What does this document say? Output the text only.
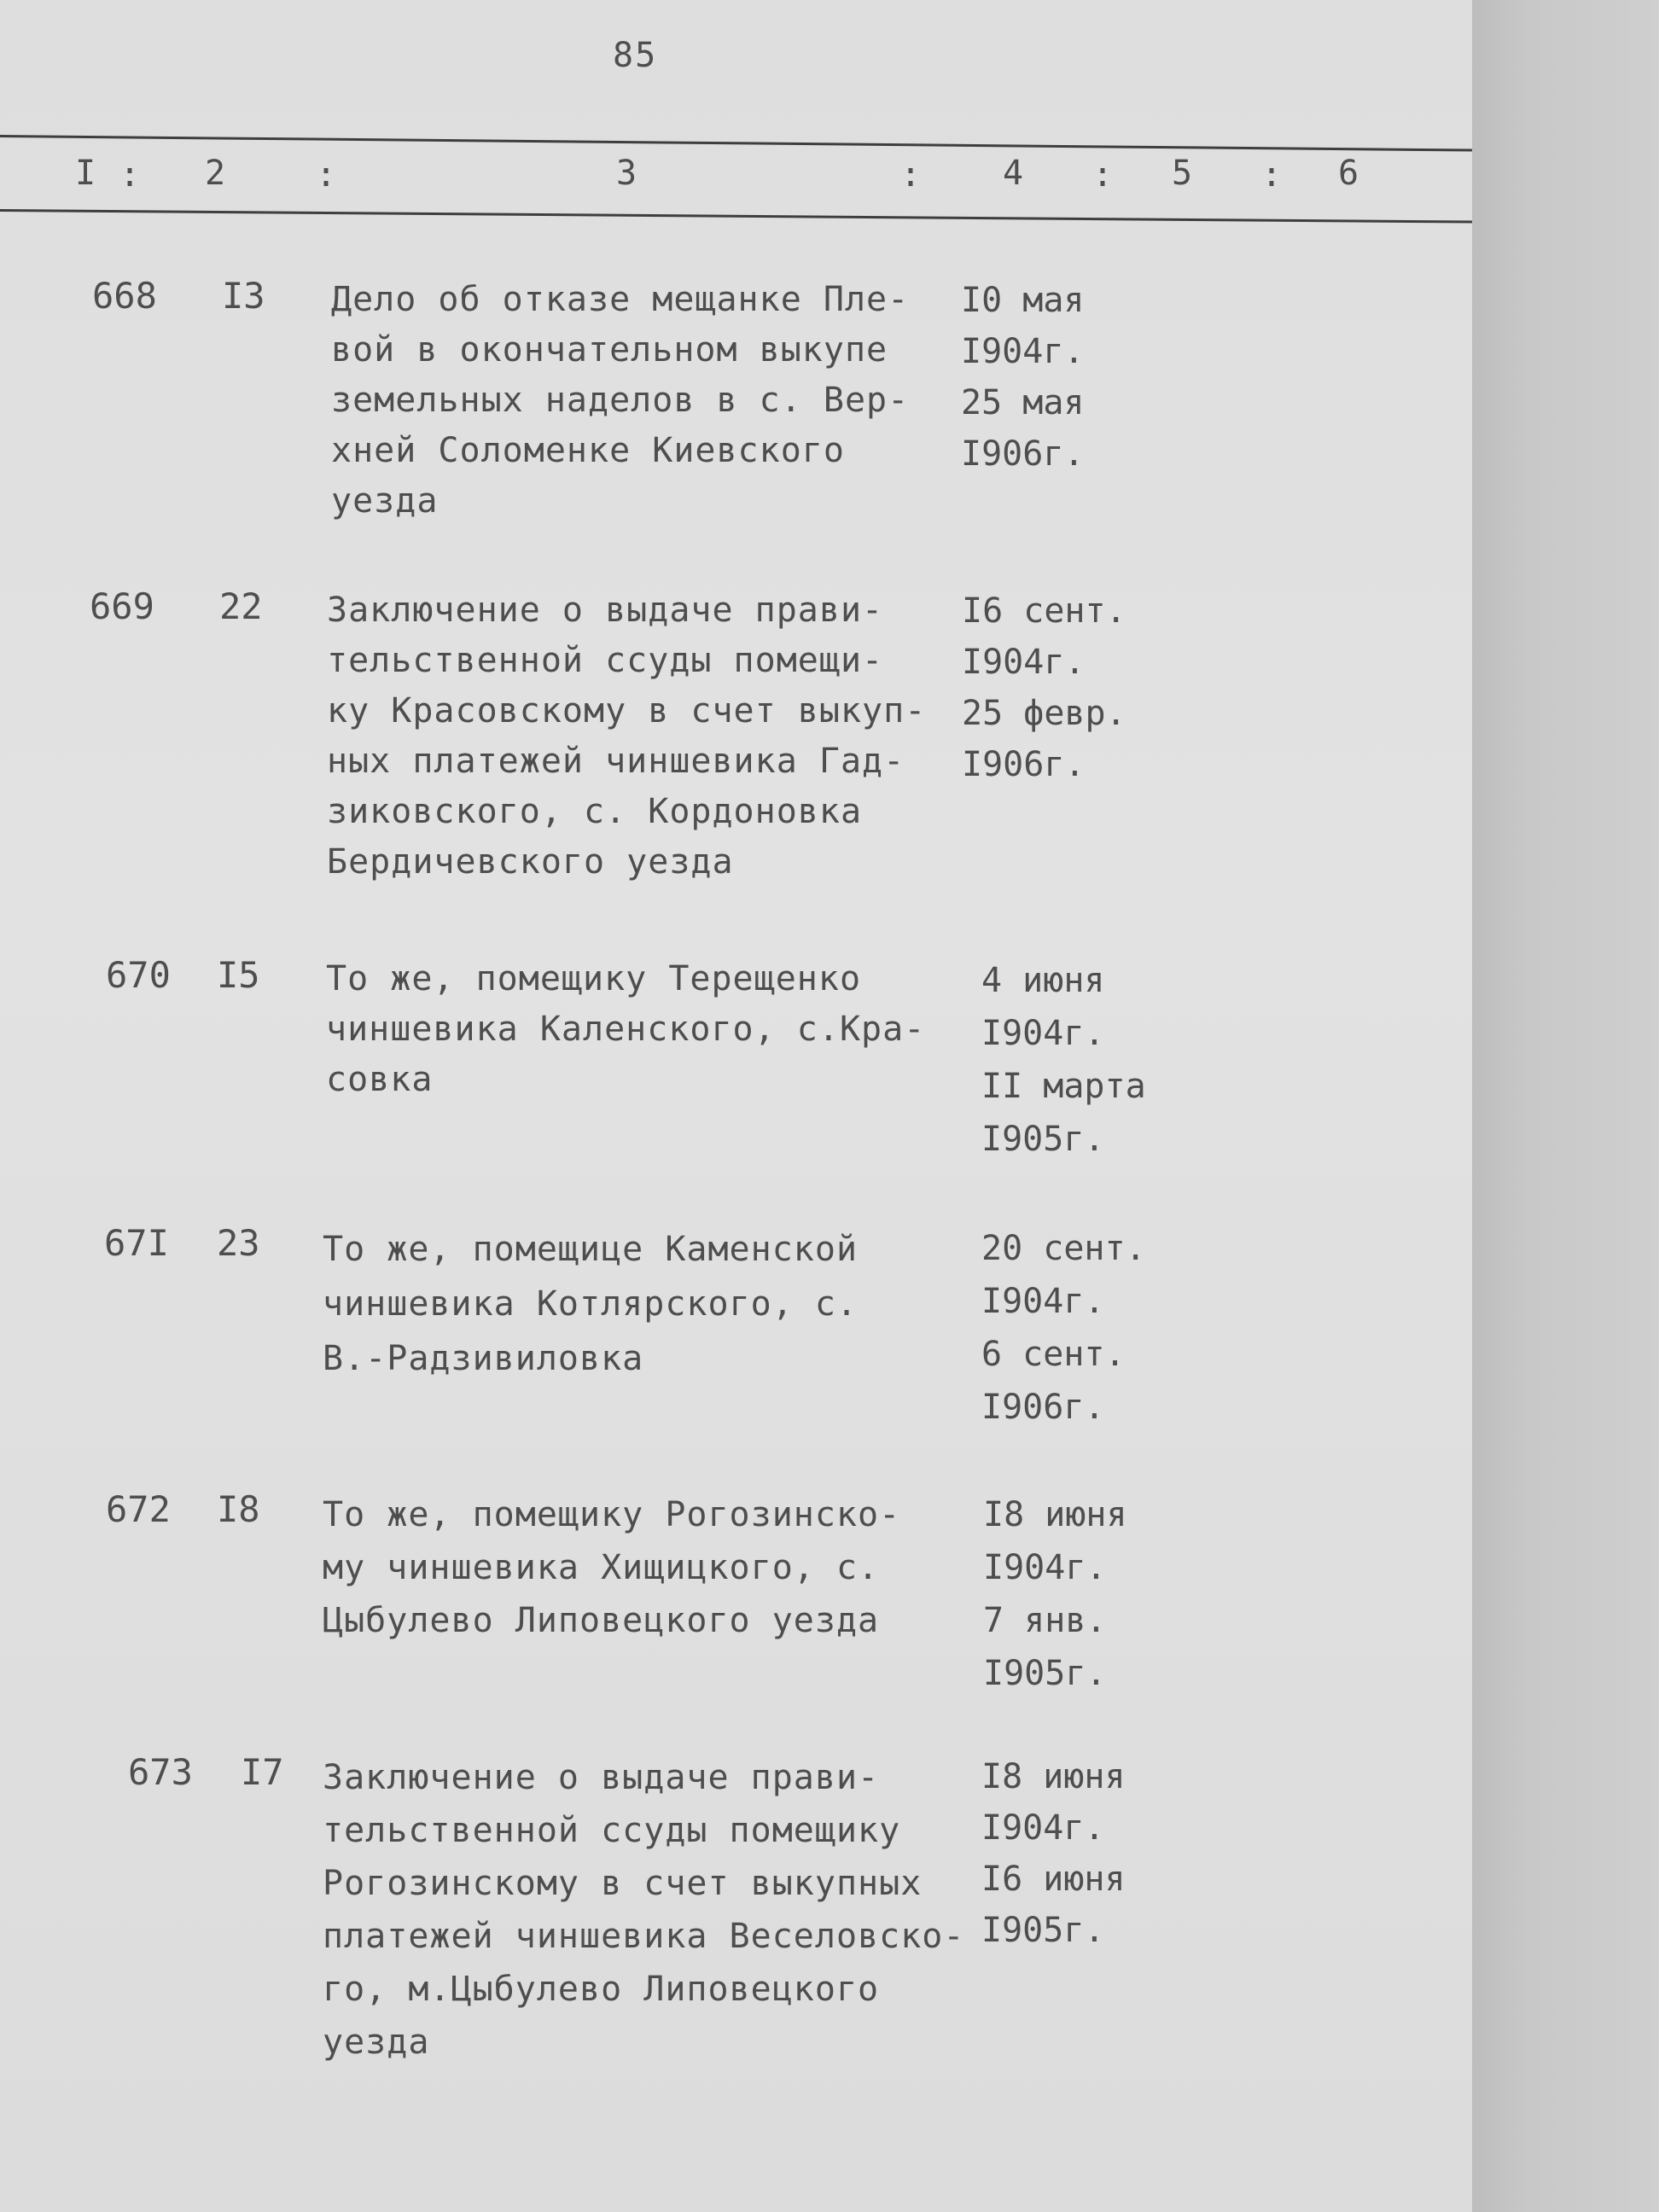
85
I : 2	:	3	: 4 : 5 : 6
668 I3 Дело об отказе мещанке Пле-
вой в окончательном выкупе
земельных наделов в с. Вер-
хней Соломенке Киевского
уезда
I0 мая
I904г.
25 мая
I906г.
669 22 Заключение о выдаче прави-
тельственной ссуды помещи-
ку Красовскому в счет выкуп-
ных платежей чиншевика Гад-
зиковского, с. Кордоновка
Бердичевского уезда
I6 сент.
I904г.
25 февр.
I906г.
670 I5 То же, помещику Терещенко
чиншевика Каленского, с.Кра-
совка
4 июня
I904г.
II марта
I905г.
67I 23 То же, помещице Каменской
чиншевика Котлярского, с.
В.-Радзивиловка
20 сент.
I904г.
6 сент.
I906г.
672 I8 То же, помещику Рогозинско-
му чиншевика Хищицкого, с.
Цыбулево Липовецкого уезда
I8 июня
I904г.
7 янв.
I905г.
673 I7 Заключение о выдаче прави-
тельственной ссуды помещику
Рогозинскому в счет выкупных
платежей чиншевика Веселовско-
го, м.Цыбулево Липовецкого
уезда
I8 июня
I904г.
I6 июня
I905г.
